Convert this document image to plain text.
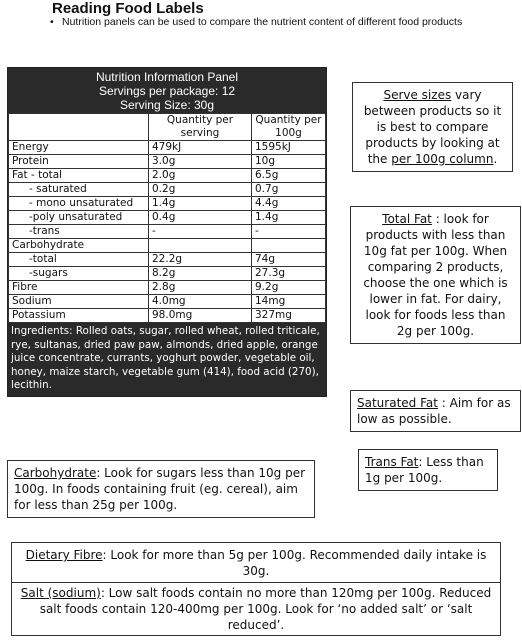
Reading Food Labels
• Nutrition panels can be used to compare the nutrient content of different food products
Nutrition Information Panel
Servings per package: 12
Serving Size: 30g
	Quantity per serving	Quantity per 100g
Energy	479kJ	1595kJ
Protein	3.0g	10g
Fat - total	2.0g	6.5g
- saturated	0.2g	0.7g
- mono unsaturated	1.4g	4.4g
-poly unsaturated	0.4g	1.4g
-trans	-	-
Carbohydrate		
-total	22.2g	74g
-sugars	8.2g	27.3g
Fibre	2.8g	9.2g
Sodium	4.0mg	14mg
Potassium	98.0mg	327mg
Ingredients: Rolled oats, sugar, rolled wheat, rolled triticale, rye, sultanas, dried paw paw, almonds, dried apple, orange juice concentrate, currants, yoghurt powder, vegetable oil, honey, maize starch, vegetable gum (414), food acid (270), lecithin.
Serve sizes vary between products so it is best to compare products by looking at the per 100g column.
Total Fat : look for products with less than 10g fat per 100g. When comparing 2 products, choose the one which is lower in fat. For dairy, look for foods less than 2g per 100g.
Saturated Fat : Aim for as low as possible.
Trans Fat: Less than 1g per 100g.
Carbohydrate: Look for sugars less than 10g per 100g. In foods containing fruit (eg. cereal), aim for less than 25g per 100g.
Dietary Fibre: Look for more than 5g per 100g. Recommended daily intake is 30g.
Salt (sodium): Low salt foods contain no more than 120mg per 100g. Reduced salt foods contain 120-400mg per 100g. Look for ‘no added salt’ or ‘salt reduced’.
